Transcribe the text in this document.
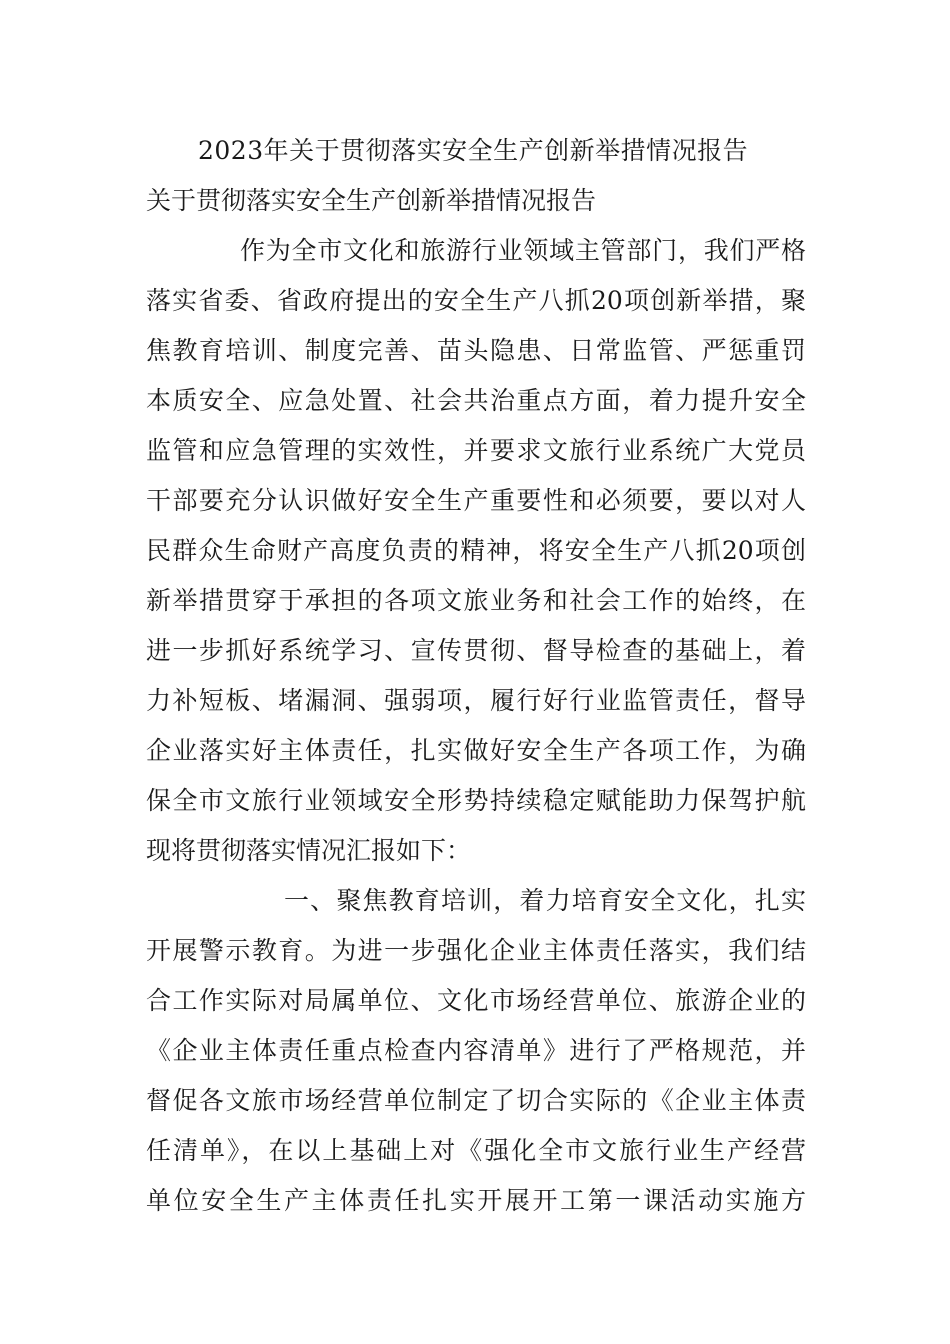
2023年关于贯彻落实安全生产创新举措情况报告
关于贯彻落实安全生产创新举措情况报告
作为全市文化和旅游行业领域主管部门，我们严格
落实省委、省政府提出的安全生产八抓20项创新举措，聚
焦教育培训、制度完善、苗头隐患、日常监管、严惩重罚
本质安全、应急处置、社会共治重点方面，着力提升安全
监管和应急管理的实效性，并要求文旅行业系统广大党员
干部要充分认识做好安全生产重要性和必须要，要以对人
民群众生命财产高度负责的精神，将安全生产八抓20项创
新举措贯穿于承担的各项文旅业务和社会工作的始终，在
进一步抓好系统学习、宣传贯彻、督导检查的基础上，着
力补短板、堵漏洞、强弱项，履行好行业监管责任，督导
企业落实好主体责任，扎实做好安全生产各项工作，为确
保全市文旅行业领域安全形势持续稳定赋能助力保驾护航
现将贯彻落实情况汇报如下：
一、聚焦教育培训，着力培育安全文化，扎实
开展警示教育。为进一步强化企业主体责任落实，我们结
合工作实际对局属单位、文化市场经营单位、旅游企业的
《企业主体责任重点检查内容清单》进行了严格规范，并
督促各文旅市场经营单位制定了切合实际的《企业主体责
任清单》，在以上基础上对《强化全市文旅行业生产经营
单位安全生产主体责任扎实开展开工第一课活动实施方
